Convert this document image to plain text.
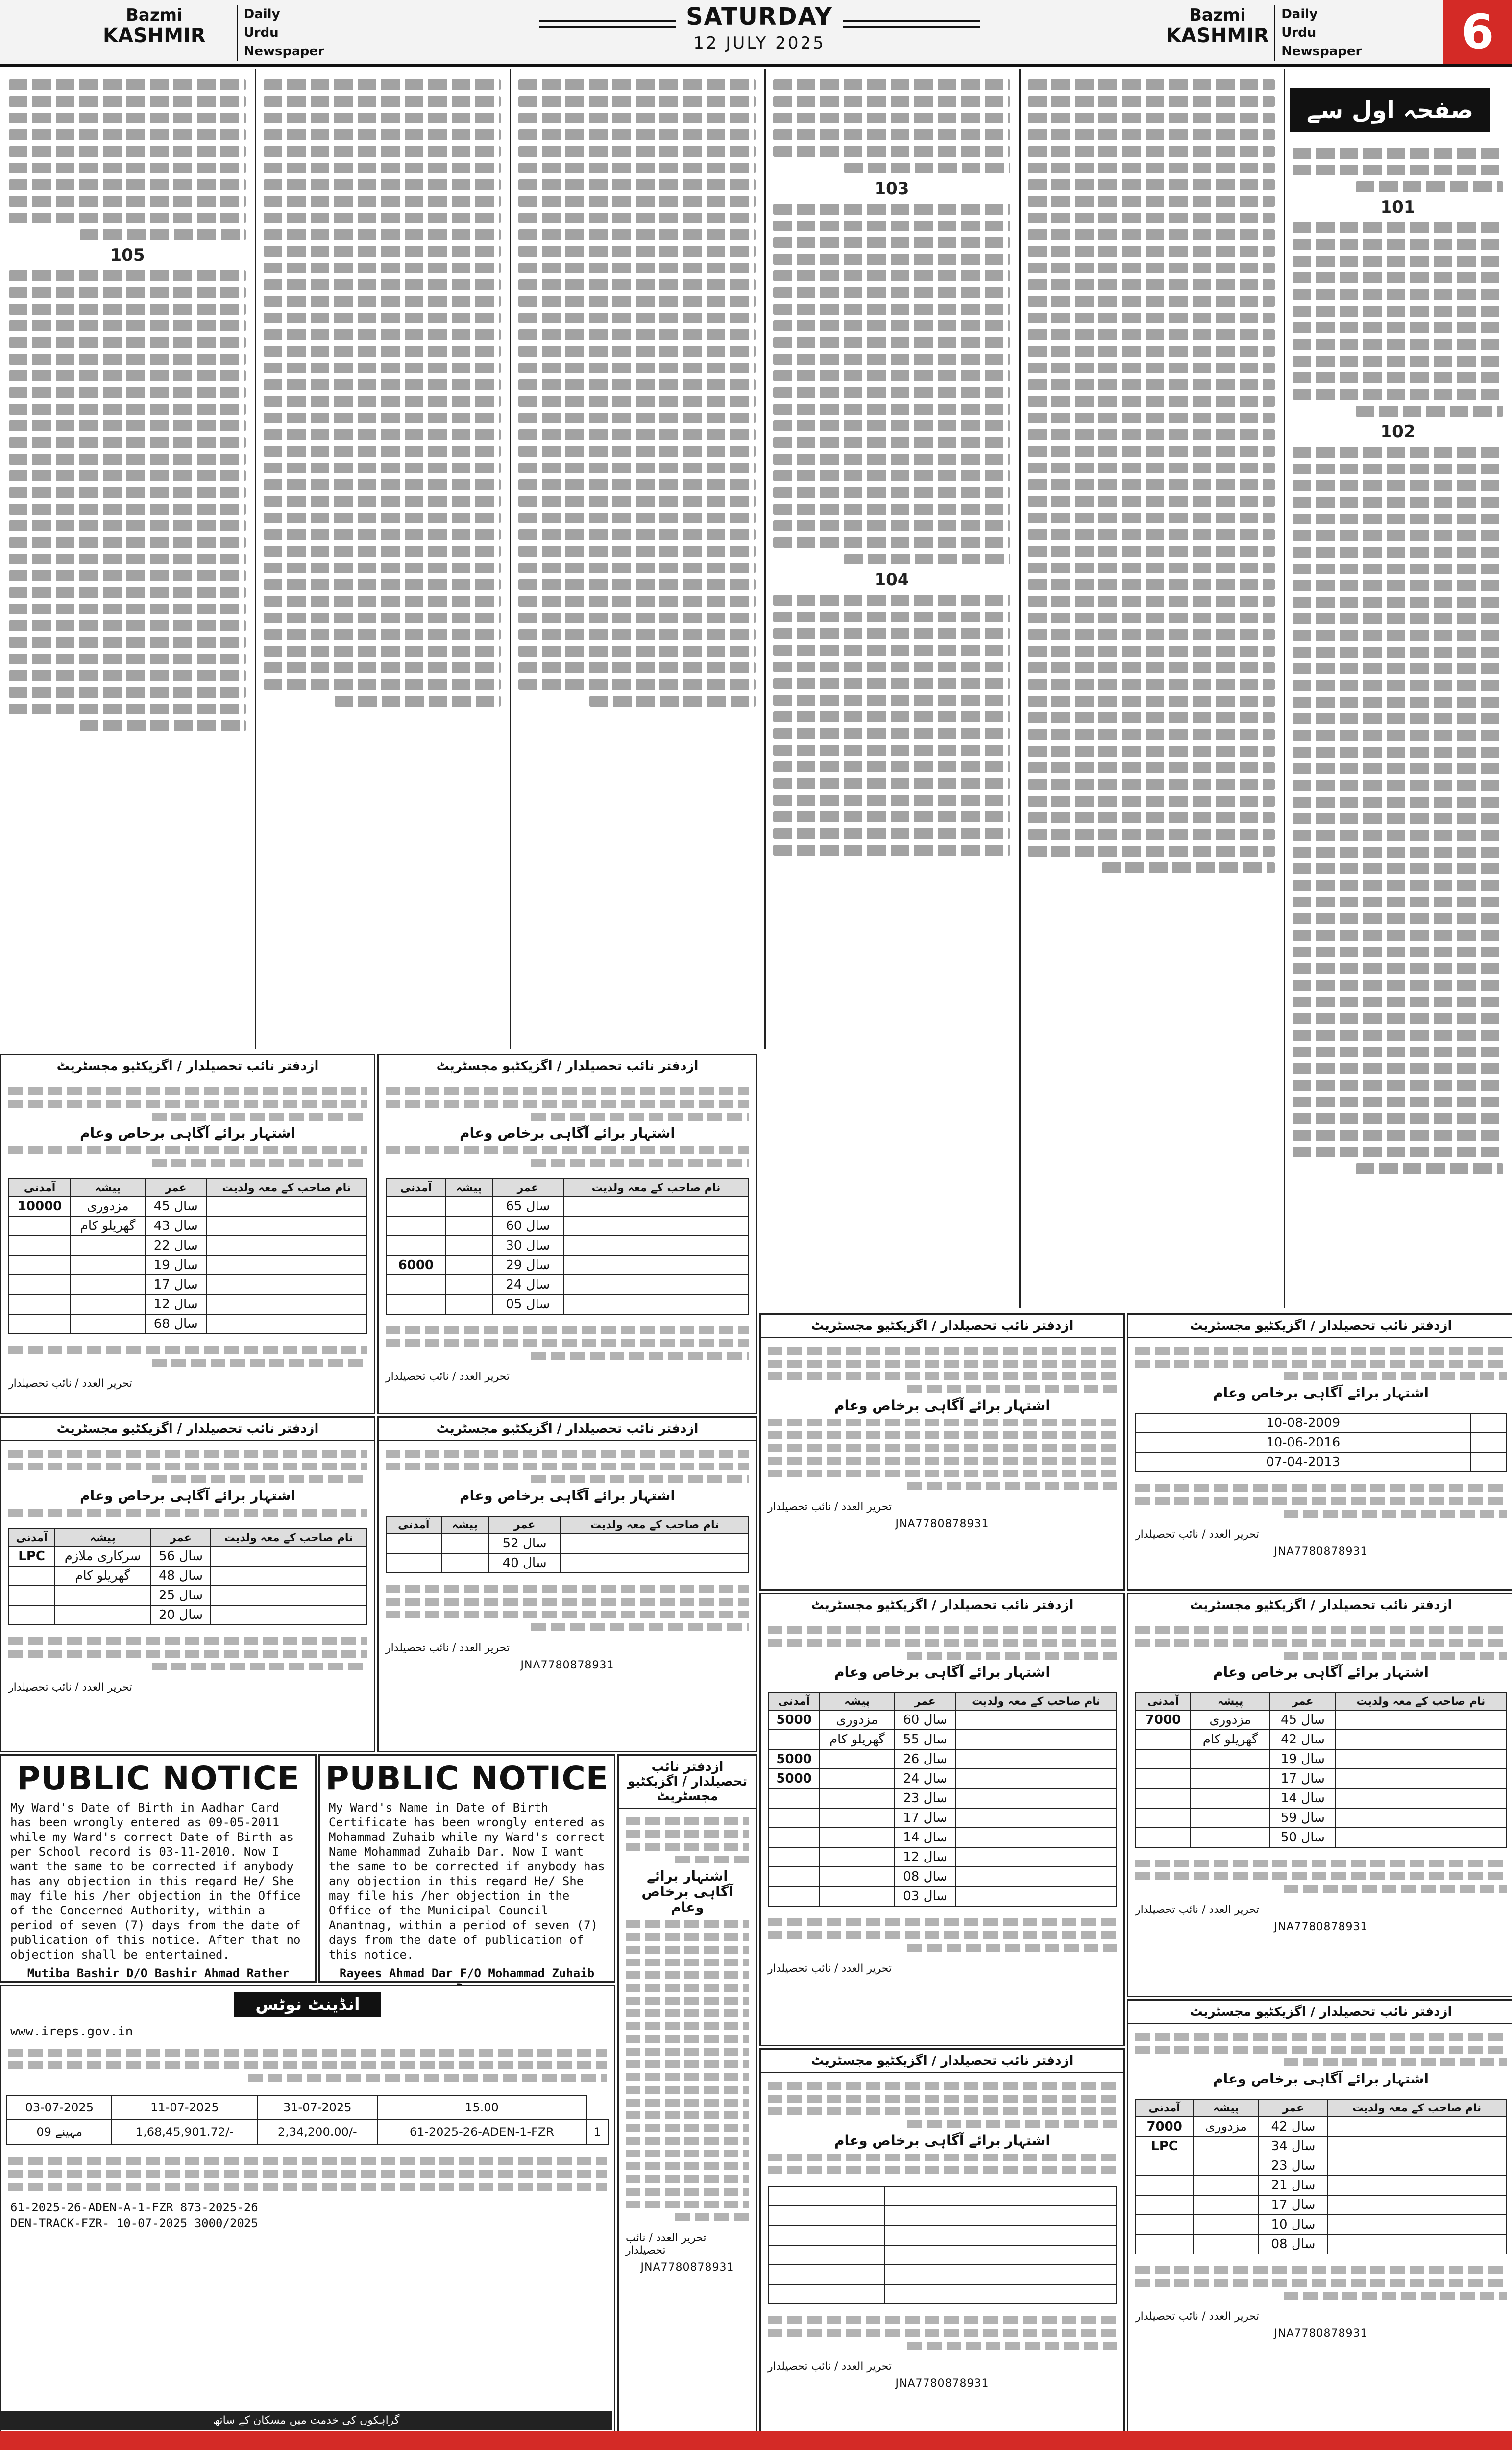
Bazmi
KASHMIR
Daily
Urdu Newspaper
SATURDAY
12 JULY 2025
Bazmi
KASHMIR
Daily
Urdu Newspaper	6
صفحہ اول سے
101
102
103
104
105
ازدفتر نائب تحصیلدار / اگزیکٹیو مجسٹریٹ
اشتہار برائے آگاہی برخاص وعام
آمدنی	پیشہ	عمر	نام صاحب کے معہ ولدیت
10000	مزدوری	45 سال	
	گھریلو کام	43 سال	
		22 سال	
		19 سال	
		17 سال	
		12 سال	
		68 سال	
تحریر العدد / نائب تحصیلدار
ازدفتر نائب تحصیلدار / اگزیکٹیو مجسٹریٹ
اشتہار برائے آگاہی برخاص وعام
آمدنی	پیشہ	عمر	نام صاحب کے معہ ولدیت
LPC	سرکاری ملازم	56 سال	
	گھریلو کام	48 سال	
		25 سال	
		20 سال	
تحریر العدد / نائب تحصیلدار
ازدفتر نائب تحصیلدار / اگزیکٹیو مجسٹریٹ
اشتہار برائے آگاہی برخاص وعام
آمدنی	پیشہ	عمر	نام صاحب کے معہ ولدیت
		65 سال	
		60 سال	
		30 سال	
6000		29 سال	
		24 سال	
		05 سال	
تحریر العدد / نائب تحصیلدار
ازدفتر نائب تحصیلدار / اگزیکٹیو مجسٹریٹ
اشتہار برائے آگاہی برخاص وعام
آمدنی	پیشہ	عمر	نام صاحب کے معہ ولدیت
		52 سال	
		40 سال	
تحریر العدد / نائب تحصیلدار
JNA7780878931
PUBLIC NOTICE

My Ward's Date of Birth in Aadhar Card has been wrongly entered as 09-05-2011 while my Ward's correct Date of Birth as per School record is 03-11-2010. Now I want the same to be corrected if anybody has any objection in this regard He/ She may file his /her objection in the Office of the Concerned Authority, within a period of seven (7) days from the date of publication of this notice. After that no objection shall be entertained.

Mutiba Bashir D/O Bashir Ahmad Rather

PUBLIC NOTICE

My Ward's Name in Date of Birth Certificate has been wrongly entered as Mohammad Zuhaib while my Ward's correct Name Mohammad Zuhaib Dar. Now I want the same to be corrected if anybody has any objection in this regard He/ She may file his /her objection in the Office of the Municipal Council Anantnag, within a period of seven (7) days from the date of publication of this notice.

Rayees Ahmad Dar F/O Mohammad Zuhaib

ازدفتر نائب تحصیلدار / اگزیکٹیو مجسٹریٹ
اشتہار برائے آگاہی برخاص وعام
تحریر العدد / نائب تحصیلدار
JNA7780878931
انڈینٹ نوٹس
www.ireps.gov.in
03-07-2025	11-07-2025	31-07-2025	15.00	
09 مہینے	1,68,45,901.72/-	2,34,200.00/-	61-2025-26-ADEN-1-FZR	1
61-2025-26-ADEN-A-1-FZR 873-2025-26
DEN-TRACK-FZR- 10-07-2025 3000/2025
گراہکوں کی خدمت میں مسکان کے ساتھ
ازدفتر نائب تحصیلدار / اگزیکٹیو مجسٹریٹ
اشتہار برائے آگاہی برخاص وعام
تحریر العدد / نائب تحصیلدار
JNA7780878931
ازدفتر نائب تحصیلدار / اگزیکٹیو مجسٹریٹ
اشتہار برائے آگاہی برخاص وعام
10-08-2009	
10-06-2016	
07-04-2013	
تحریر العدد / نائب تحصیلدار
JNA7780878931
ازدفتر نائب تحصیلدار / اگزیکٹیو مجسٹریٹ
اشتہار برائے آگاہی برخاص وعام
آمدنی	پیشہ	عمر	نام صاحب کے معہ ولدیت
5000	مزدوری	60 سال	
	گھریلو کام	55 سال	
5000		26 سال	
5000		24 سال	
		23 سال	
		17 سال	
		14 سال	
		12 سال	
		08 سال	
		03 سال	
تحریر العدد / نائب تحصیلدار
ازدفتر نائب تحصیلدار / اگزیکٹیو مجسٹریٹ
اشتہار برائے آگاہی برخاص وعام

تحریر العدد / نائب تحصیلدار
JNA7780878931
ازدفتر نائب تحصیلدار / اگزیکٹیو مجسٹریٹ
اشتہار برائے آگاہی برخاص وعام
آمدنی	پیشہ	عمر	نام صاحب کے معہ ولدیت
7000	مزدوری	45 سال	
	گھریلو کام	42 سال	
		19 سال	
		17 سال	
		14 سال	
		59 سال	
		50 سال	
تحریر العدد / نائب تحصیلدار
JNA7780878931
ازدفتر نائب تحصیلدار / اگزیکٹیو مجسٹریٹ
اشتہار برائے آگاہی برخاص وعام
آمدنی	پیشہ	عمر	نام صاحب کے معہ ولدیت
7000	مزدوری	42 سال	
LPC		34 سال	
		23 سال	
		21 سال	
		17 سال	
		10 سال	
		08 سال	
تحریر العدد / نائب تحصیلدار
JNA7780878931
